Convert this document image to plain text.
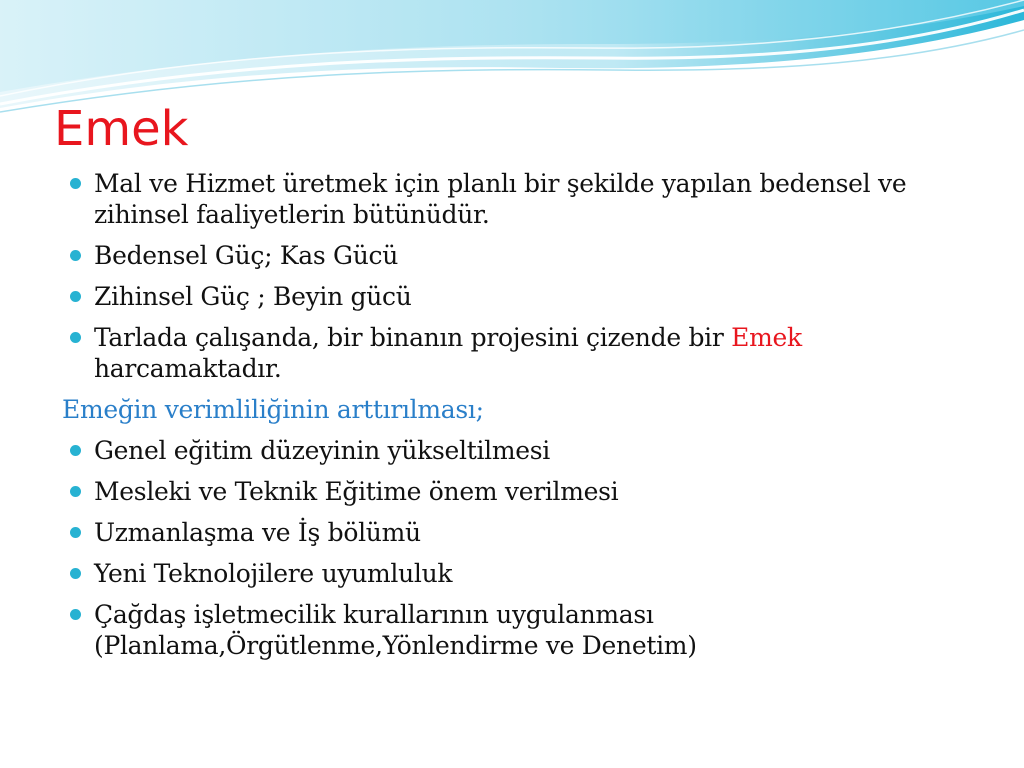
Emek

Mal ve Hizmet üretmek için planlı bir şekilde yapılan bedensel ve zihinsel faaliyetlerin bütünüdür.

Bedensel Güç; Kas Gücü

Zihinsel Güç ; Beyin gücü

Tarlada çalışanda, bir binanın projesini çizende bir Emek harcamaktadır.

Emeğin verimliliğinin arttırılması;

Genel eğitim düzeyinin yükseltilmesi

Mesleki ve Teknik Eğitime önem verilmesi

Uzmanlaşma ve İş bölümü

Yeni Teknolojilere uyumluluk

Çağdaş işletmecilik kurallarının uygulanması (Planlama,Örgütlenme,Yönlendirme ve Denetim)
